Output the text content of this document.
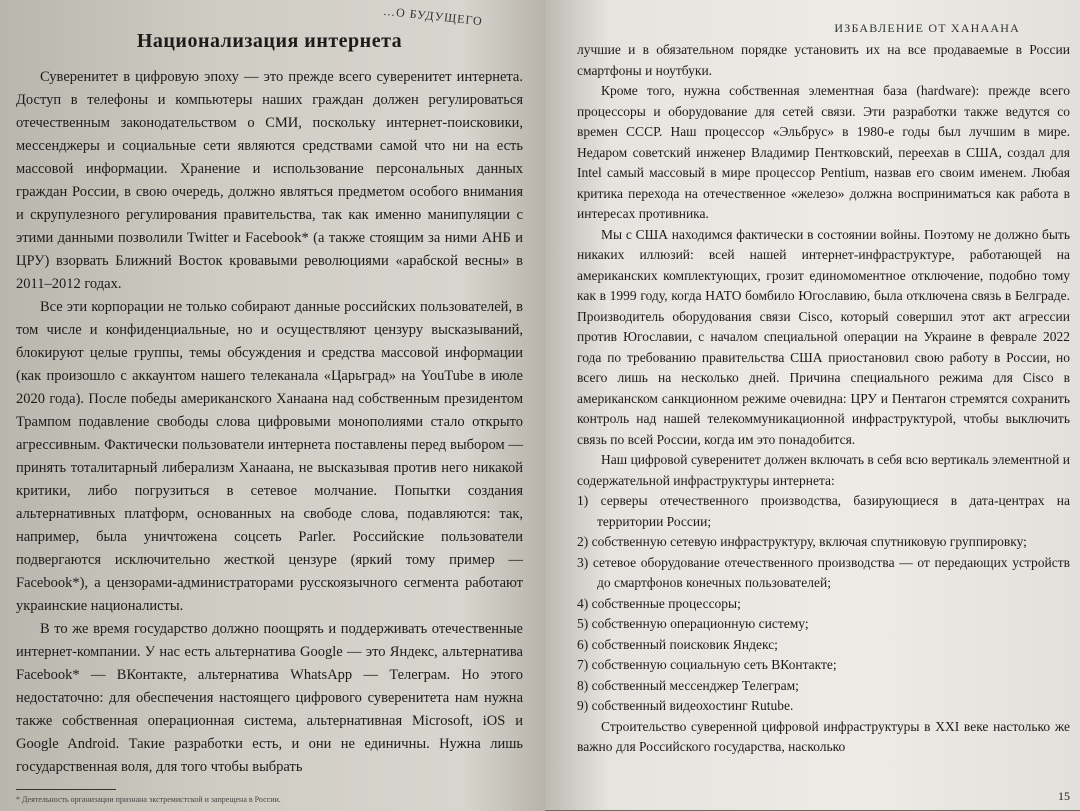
…О БУДУЩЕГО
Национализация интернета

Суверенитет в цифровую эпоху — это прежде всего суверенитет интернета. Доступ в телефоны и компьютеры наших граждан должен регулироваться отечественным законодательством о СМИ, поскольку интернет-поисковики, мессенджеры и социальные сети являются средствами самой что ни на есть массовой информации. Хранение и использование персональных данных граждан России, в свою очередь, должно являться предметом особого внимания и скрупулезного регулирования правительства, так как именно манипуляции с этими данными позволили Twitter и Facebook* (а также стоящим за ними АНБ и ЦРУ) взорвать Ближний Восток кровавыми революциями «арабской весны» в 2011–2012 годах.

Все эти корпорации не только собирают данные российских пользователей, в том числе и конфиденциальные, но и осуществляют цензуру высказываний, блокируют целые группы, темы обсуждения и средства массовой информации (как произошло с аккаунтом нашего телеканала «Царьград» на YouTube в июле 2020 года). После победы американского Ханаана над собственным президентом Трампом подавление свободы слова цифровыми монополиями стало открыто агрессивным. Фактически пользователи интернета поставлены перед выбором — принять тоталитарный либерализм Ханаана, не высказывая против него никакой критики, либо погрузиться в сетевое молчание. Попытки создания альтернативных платформ, основанных на свободе слова, подавляются: так, например, была уничтожена соцсеть Parler. Российские пользователи подвергаются исключительно жесткой цензуре (яркий тому пример — Facebook*), а цензорами-администраторами русскоязычного сегмента работают украинские националисты.

В то же время государство должно поощрять и поддерживать отечественные интернет-компании. У нас есть альтернатива Google — это Яндекс, альтернатива Facebook* — ВКонтакте, альтернатива WhatsApp — Телеграм. Но этого недостаточно: для обеспечения настоящего цифрового суверенитета нам нужна также собственная операционная система, альтернативная Microsoft, iOS и Google Android. Такие разработки есть, и они не единичны. Нужна лишь государственная воля, для того чтобы выбрать

* Деятельность организации признана экстремистской и запрещена в России.
ИЗБАВЛЕНИЕ ОТ ХАНААНА

лучшие и в обязательном порядке установить их на все продаваемые в России смартфоны и ноутбуки.

Кроме того, нужна собственная элементная база (hardware): прежде всего процессоры и оборудование для сетей связи. Эти разработки также ведутся со времен СССР. Наш процессор «Эльбрус» в 1980-е годы был лучшим в мире. Недаром советский инженер Владимир Пентковский, переехав в США, создал для Intel самый массовый в мире процессор Pentium, назвав его своим именем. Любая критика перехода на отечественное «железо» должна восприниматься как работа в интересах противника.

Мы с США находимся фактически в состоянии войны. Поэтому не должно быть никаких иллюзий: всей нашей интернет-инфраструктуре, работающей на американских комплектующих, грозит единомоментное отключение, подобно тому как в 1999 году, когда НАТО бомбило Югославию, была отключена связь в Белграде. Производитель оборудования связи Cisco, который совершил этот акт агрессии против Югославии, с началом специальной операции на Украине в феврале 2022 года по требованию правительства США приостановил свою работу в России, но всего лишь на несколько дней. Причина специального режима для Cisco в американском санкционном режиме очевидна: ЦРУ и Пентагон стремятся сохранить контроль над нашей телекоммуникационной инфраструктурой, чтобы выключить связь по всей России, когда им это понадобится.

Наш цифровой суверенитет должен включать в себя всю вертикаль элементной и содержательной инфраструктуры интернета:

1) серверы отечественного производства, базирующиеся в дата-центрах на территории России;
2) собственную сетевую инфраструктуру, включая спутниковую группировку;
3) сетевое оборудование отечественного производства — от передающих устройств до смартфонов конечных пользователей;
4) собственные процессоры;
5) собственную операционную систему;
6) собственный поисковик Яндекс;
7) собственную социальную сеть ВКонтакте;
8) собственный мессенджер Телеграм;
9) собственный видеохостинг Rutube.

Строительство суверенной цифровой инфраструктуры в XXI веке настолько же важно для Российского государства, насколько

15
